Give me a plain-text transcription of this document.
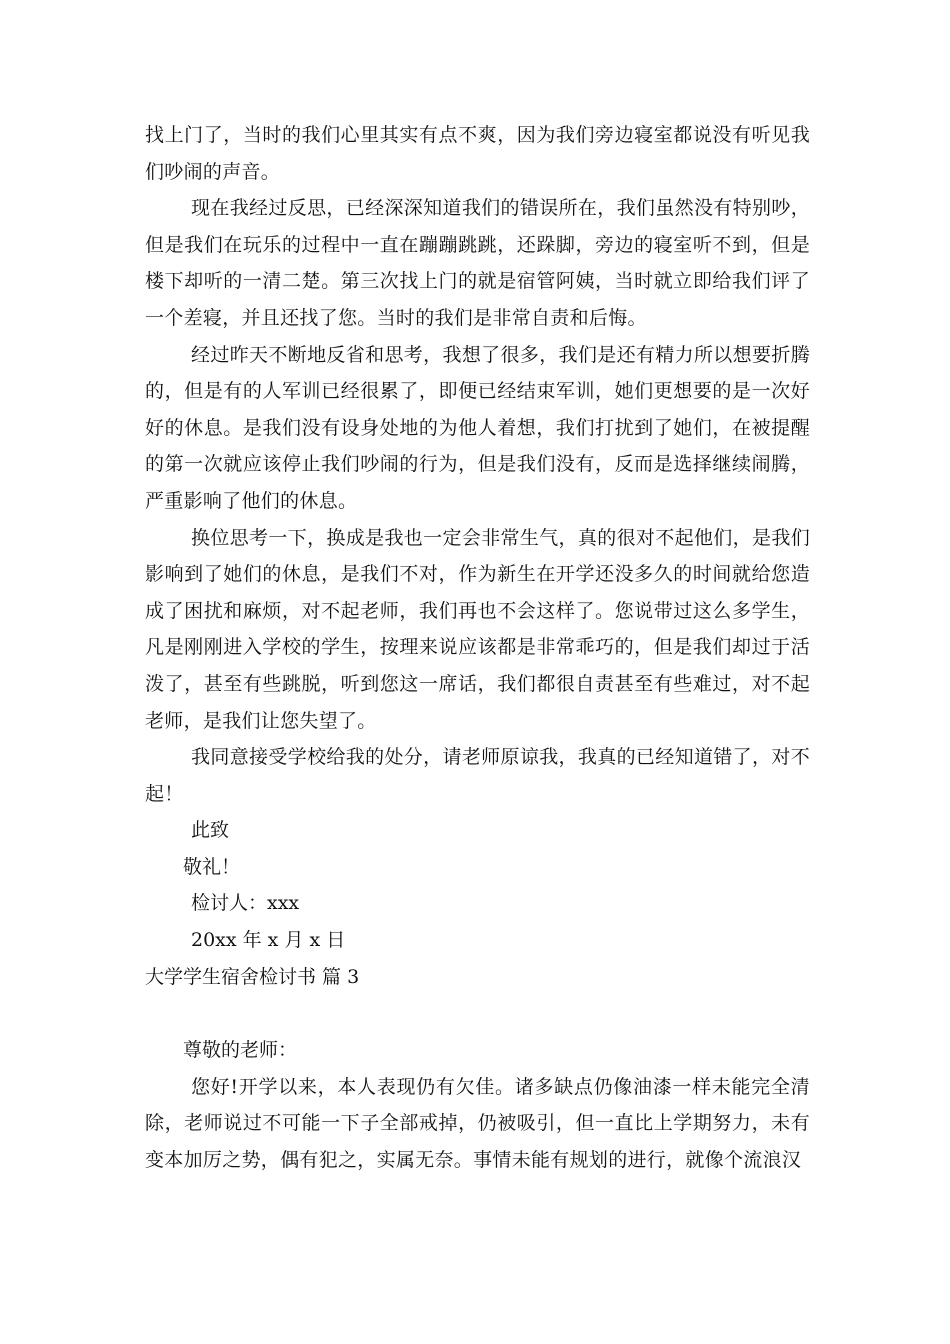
找上门了，当时的我们心里其实有点不爽，因为我们旁边寝室都说没有听见我们吵闹的声音。

现在我经过反思，已经深深知道我们的错误所在，我们虽然没有特别吵，但是我们在玩乐的过程中一直在蹦蹦跳跳，还跺脚，旁边的寝室听不到，但是楼下却听的一清二楚。第三次找上门的就是宿管阿姨，当时就立即给我们评了一个差寝，并且还找了您。当时的我们是非常自责和后悔。

经过昨天不断地反省和思考，我想了很多，我们是还有精力所以想要折腾的，但是有的人军训已经很累了，即便已经结束军训，她们更想要的是一次好好的休息。是我们没有设身处地的为他人着想，我们打扰到了她们，在被提醒的第一次就应该停止我们吵闹的行为，但是我们没有，反而是选择继续闹腾，严重影响了他们的休息。

换位思考一下，换成是我也一定会非常生气，真的很对不起他们，是我们影响到了她们的休息，是我们不对，作为新生在开学还没多久的时间就给您造成了困扰和麻烦，对不起老师，我们再也不会这样了。您说带过这么多学生，凡是刚刚进入学校的学生，按理来说应该都是非常乖巧的，但是我们却过于活泼了，甚至有些跳脱，听到您这一席话，我们都很自责甚至有些难过，对不起老师，是我们让您失望了。

我同意接受学校给我的处分，请老师原谅我，我真的已经知道错了，对不起！

此致

敬礼！

检讨人：xxx

20xx 年 x 月 x 日

大学学生宿舍检讨书 篇 3

尊敬的老师：

您好!开学以来，本人表现仍有欠佳。诸多缺点仍像油漆一样未能完全清除，老师说过不可能一下子全部戒掉，仍被吸引，但一直比上学期努力，未有变本加厉之势，偶有犯之，实属无奈。事情未能有规划的进行，就像个流浪汉
